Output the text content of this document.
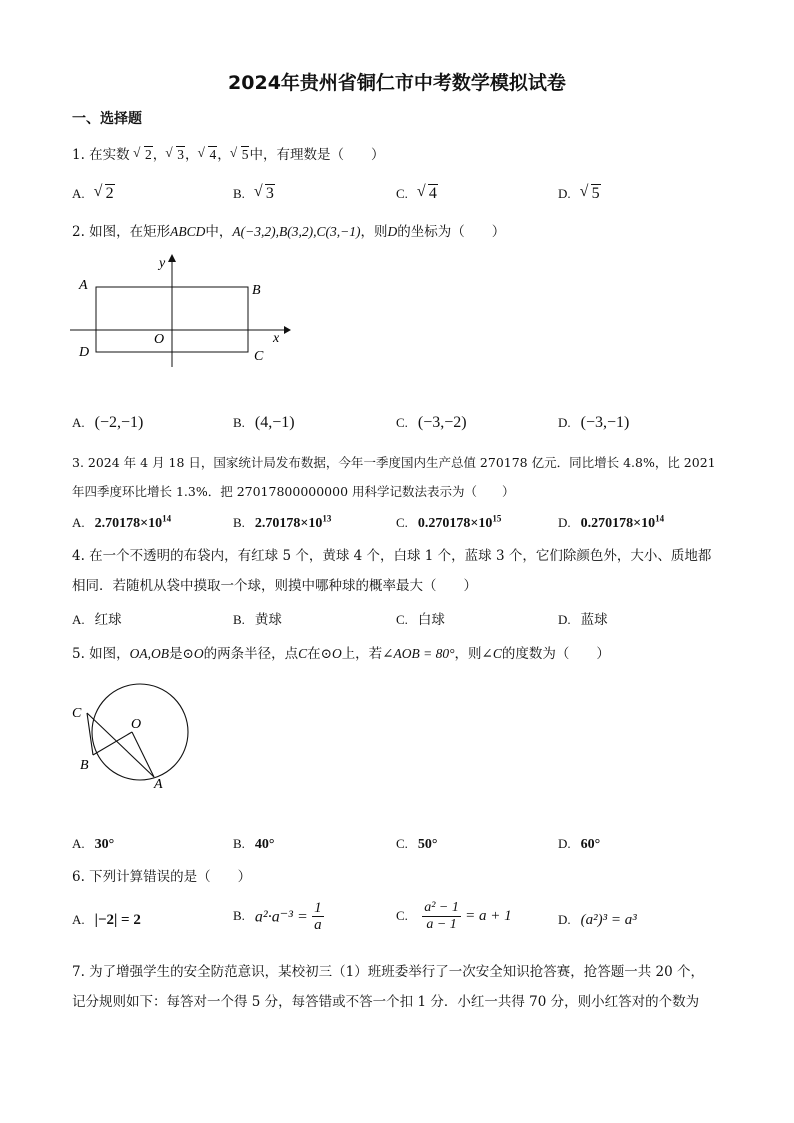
2024年贵州省铜仁市中考数学模拟试卷
一、选择题
1. 在实数 √ 2， √ 3， √ 4， √ 5中，有理数是（　　）
A. √ 2	B. √ 3	C. √ 4	D. √ 5
2. 如图，在矩形ABCD中，A(−3,2),B(3,2),C(3,−1)，则D的坐标为（　　）
A	B
C
D
O	x
y
A. (−2,−1)	B. (4,−1)	C. (−3,−2)	D. (−3,−1)
3. 2024 年 4 月 18 日，国家统计局发布数据，今年一季度国内生产总值 270178 亿元．同比增长 4.8%，比 2021
年四季度环比增长 1.3%．把 27017800000000 用科学记数法表示为（　　）
A. $2.70178\times 10^{14}$	B. $2.70178\times 10^{13}$	C. $0.270178\times 10^{15}$	D. $0.270178\times 10^{14}$
4. 在一个不透明的布袋内，有红球 5 个，黄球 4 个，白球 1 个，蓝球 3 个，它们除颜色外，大小、质地都
相同．若随机从袋中摸取一个球，则摸中哪种球的概率最大（　　）
A. 红球	B. 黄球	C. 白球	D. 蓝球
5. 如图，OA,OB是⊙O的两条半径，点C在⊙O上，若∠AOB = 80°，则∠C的度数为（　　）
C
B
A
O
A. 30°	B. 40°	C. 50°	D. 60°
6. 下列计算错误的是（　　）
A. |−2| = 2	B. $a^2\cdot a^{-3} = \frac{1}{a}$	C. $\frac{\text{a² − 1}}{a - 1} = a + 1$	D. (a²)³ = a³
7. 为了增强学生的安全防范意识，某校初三（1）班班委举行了一次安全知识抢答赛，抢答题一共 20 个，
记分规则如下：每答对一个得 5 分，每答错或不答一个扣 1 分．小红一共得 70 分，则小红答对的个数为
